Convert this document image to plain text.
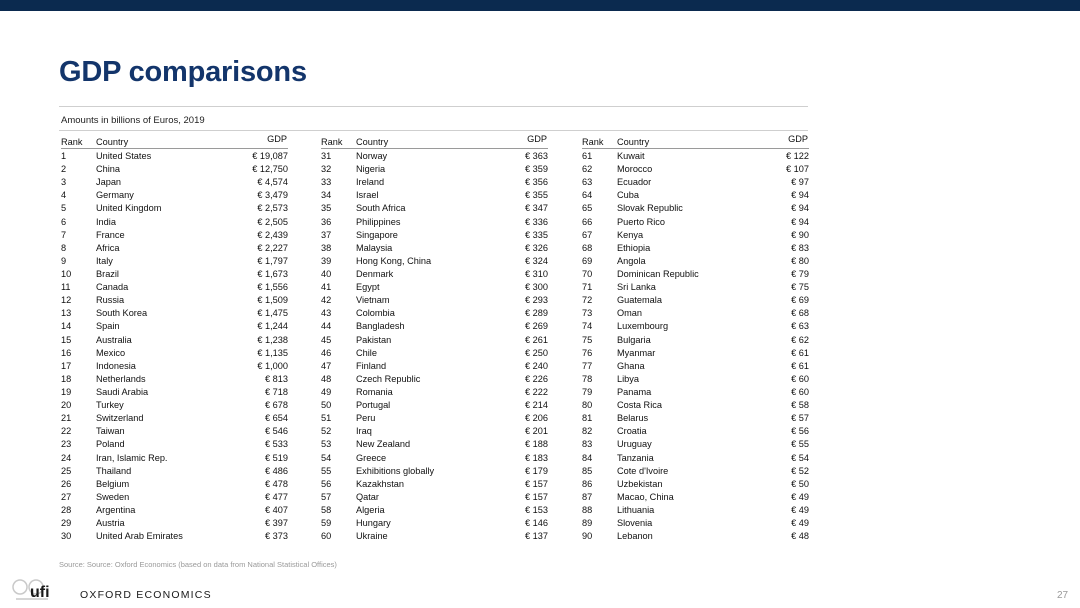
GDP comparisons
Amounts in billions of Euros, 2019
Rank Country	GDP
1	United States	€ 19,087
2	China	€ 12,750
3	Japan	€ 4,574
4	Germany	€ 3,479
5	United Kingdom	€ 2,573
6	India	€ 2,505
7	France	€ 2,439
8	Africa	€ 2,227
9	Italy	€ 1,797
10	Brazil	€ 1,673
11	Canada	€ 1,556
12	Russia	€ 1,509
13	South Korea	€ 1,475
14	Spain	€ 1,244
15	Australia	€ 1,238
16	Mexico	€ 1,135
17	Indonesia	€ 1,000
18	Netherlands	€ 813
19	Saudi Arabia	€ 718
20	Turkey	€ 678
21	Switzerland	€ 654
22	Taiwan	€ 546
23	Poland	€ 533
24	Iran, Islamic Rep.	€ 519
25	Thailand	€ 486
26	Belgium	€ 478
27	Sweden	€ 477
28	Argentina	€ 407
29	Austria	€ 397
30	United Arab Emirates	€ 373
Rank Country	GDP
31	Norway	€ 363
32	Nigeria	€ 359
33	Ireland	€ 356
34	Israel	€ 355
35	South Africa	€ 347
36	Philippines	€ 336
37	Singapore	€ 335
38	Malaysia	€ 326
39	Hong Kong, China	€ 324
40	Denmark	€ 310
41	Egypt	€ 300
42	Vietnam	€ 293
43	Colombia	€ 289
44	Bangladesh	€ 269
45	Pakistan	€ 261
46	Chile	€ 250
47	Finland	€ 240
48	Czech Republic	€ 226
49	Romania	€ 222
50	Portugal	€ 214
51	Peru	€ 206
52	Iraq	€ 201
53	New Zealand	€ 188
54	Greece	€ 183
55	Exhibitions globally	€ 179
56	Kazakhstan	€ 157
57	Qatar	€ 157
58	Algeria	€ 153
59	Hungary	€ 146
60	Ukraine	€ 137
Rank Country	GDP
61	Kuwait	€ 122
62	Morocco	€ 107
63	Ecuador	€ 97
64	Cuba	€ 94
65	Slovak Republic	€ 94
66	Puerto Rico	€ 94
67	Kenya	€ 90
68	Ethiopia	€ 83
69	Angola	€ 80
70	Dominican Republic	€ 79
71	Sri Lanka	€ 75
72	Guatemala	€ 69
73	Oman	€ 68
74	Luxembourg	€ 63
75	Bulgaria	€ 62
76	Myanmar	€ 61
77	Ghana	€ 61
78	Libya	€ 60
79	Panama	€ 60
80	Costa Rica	€ 58
81	Belarus	€ 57
82	Croatia	€ 56
83	Uruguay	€ 55
84	Tanzania	€ 54
85	Cote d'Ivoire	€ 52
86	Uzbekistan	€ 50
87	Macao, China	€ 49
88	Lithuania	€ 49
89	Slovenia	€ 49
90	Lebanon	€ 48
Source: Source: Oxford Economics (based on data from National Statistical Offices)
ufi	OXFORD ECONOMICS	27
